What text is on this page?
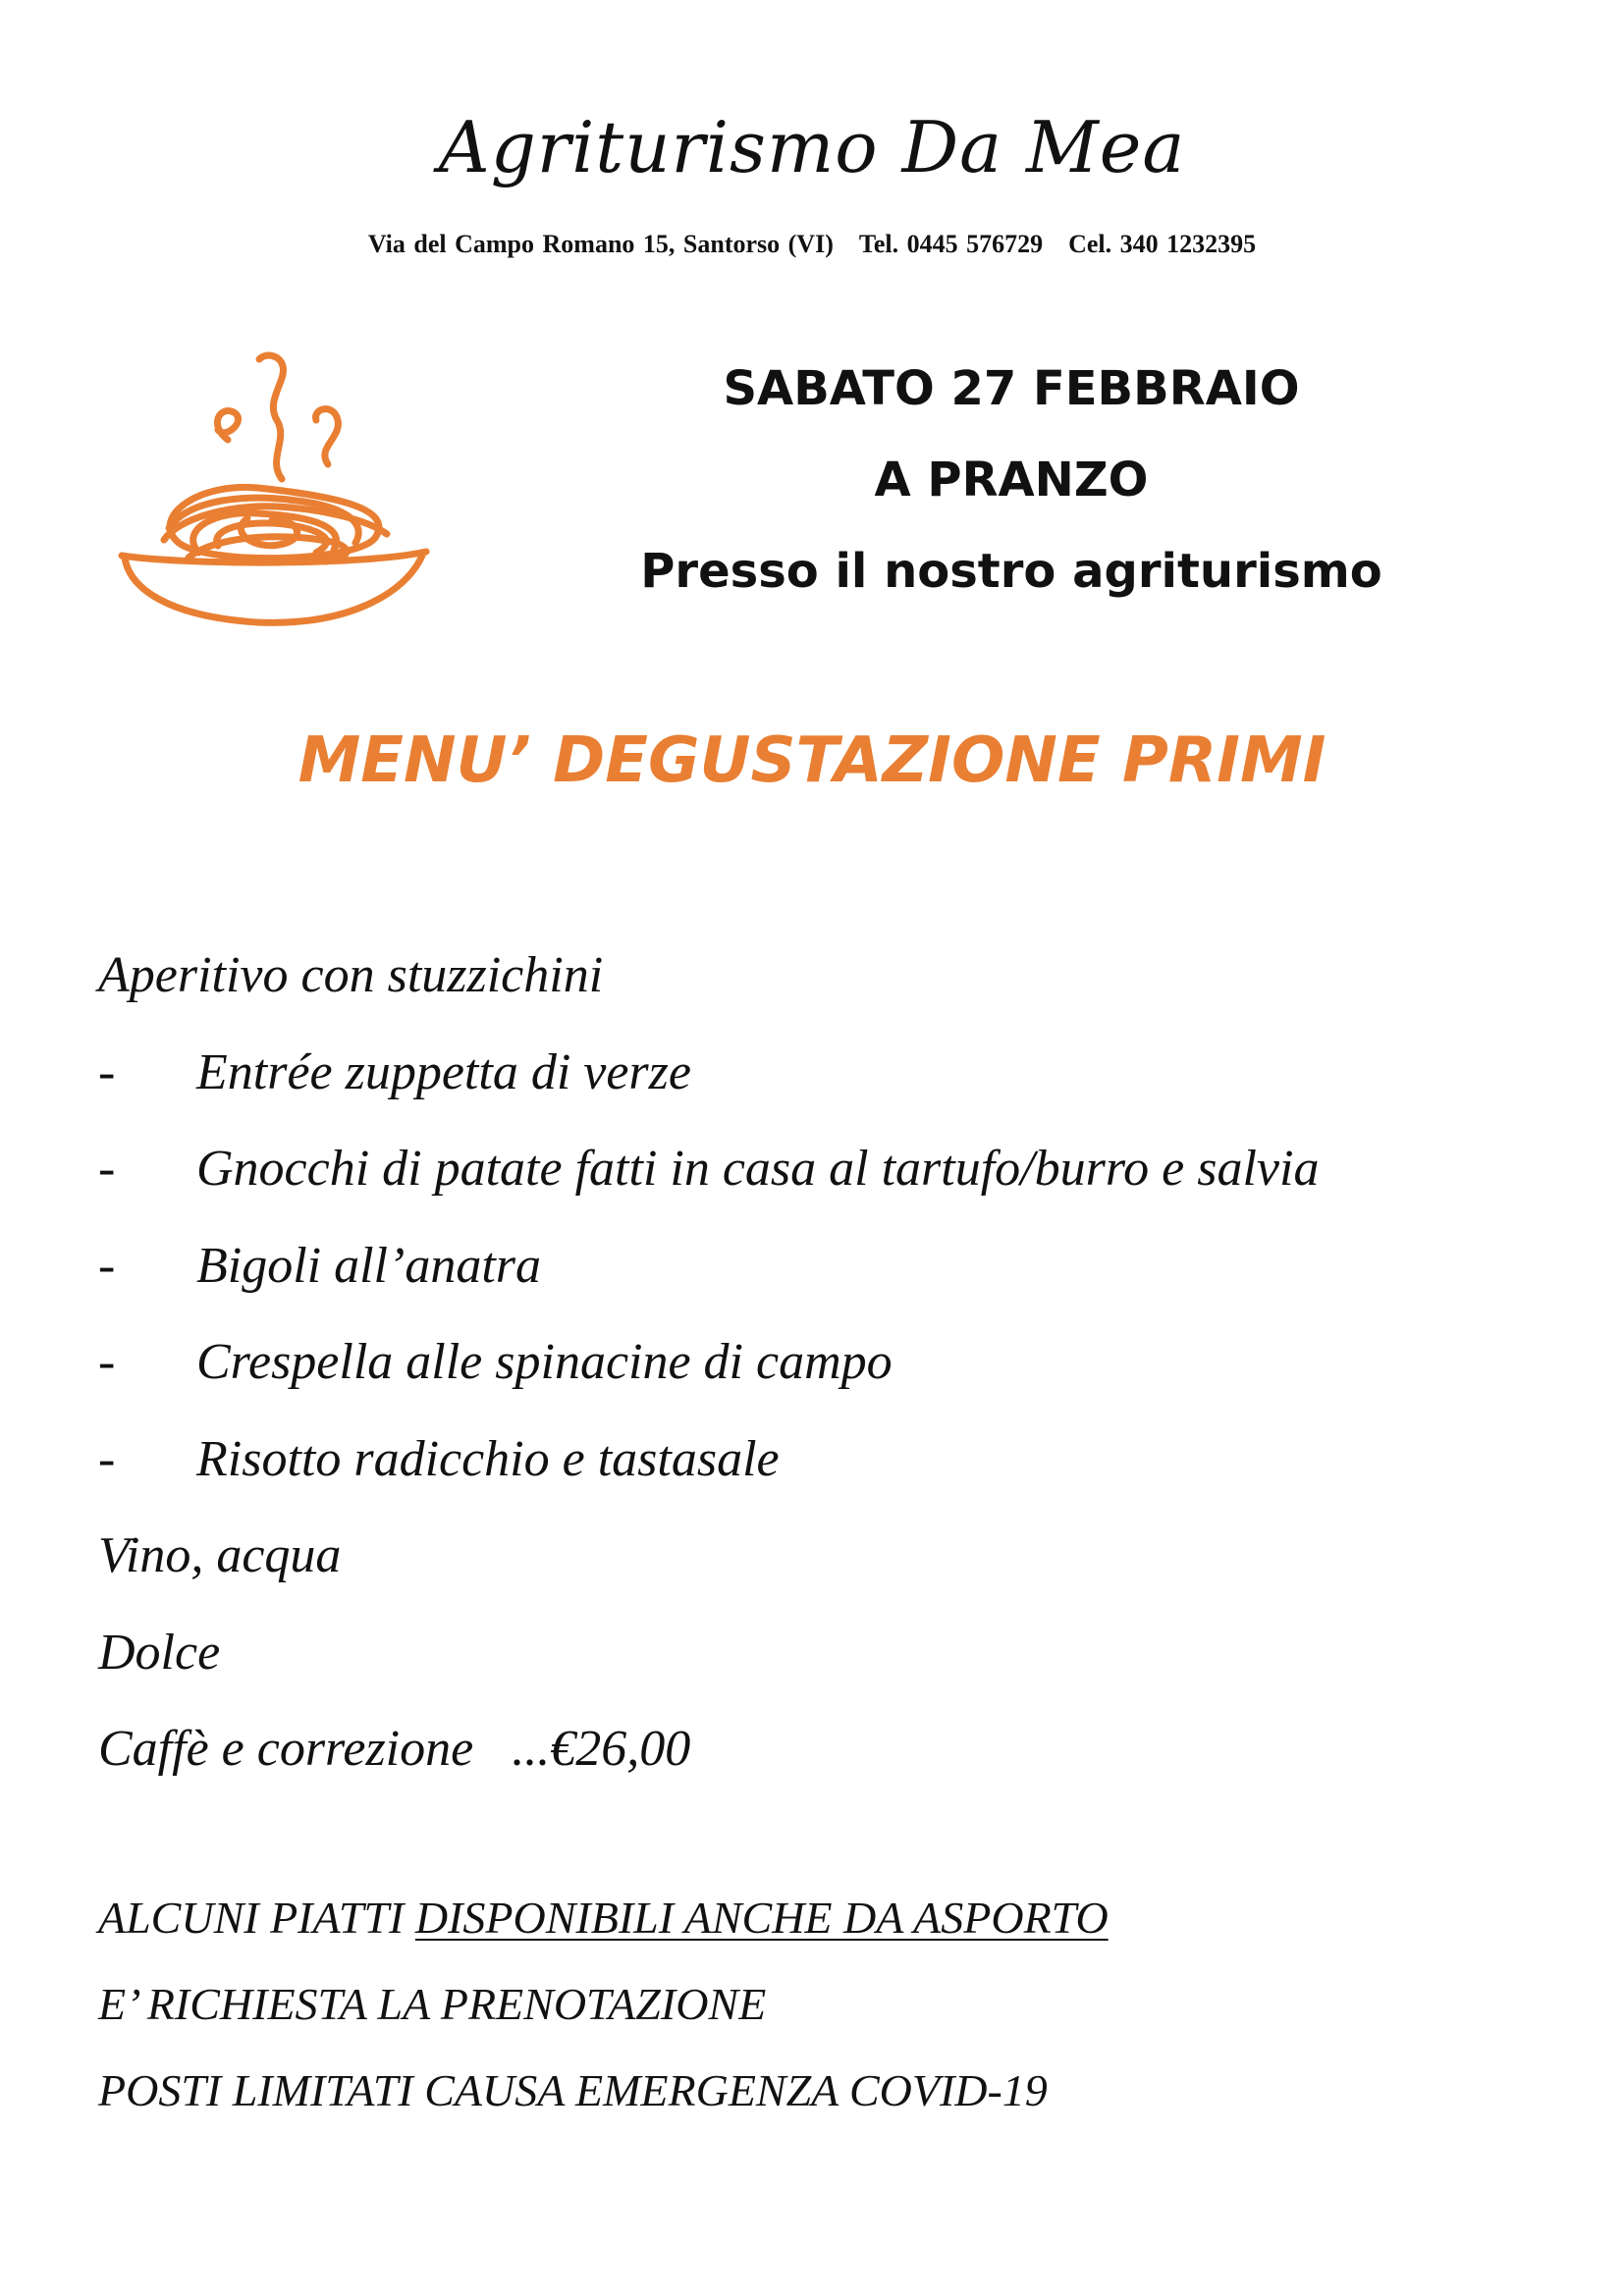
Agriturismo Da Mea
Via del Campo Romano 15, Santorso (VI) Tel. 0445 576729 Cel. 340 1232395
SABATO 27 FEBBRAIO
A PRANZO
Presso il nostro agriturismo
MENU’ DEGUSTAZIONE PRIMI
Aperitivo con stuzzichini
- Entrée zuppetta di verze
- Gnocchi di patate fatti in casa al tartufo/burro e salvia
- Bigoli all’anatra
- Crespella alle spinacine di campo
- Risotto radicchio e tastasale
Vino, acqua
Dolce
Caffè e correzione ...€26,00
ALCUNI PIATTI DISPONIBILI ANCHE DA ASPORTO
E’ RICHIESTA LA PRENOTAZIONE
POSTI LIMITATI CAUSA EMERGENZA COVID-19
